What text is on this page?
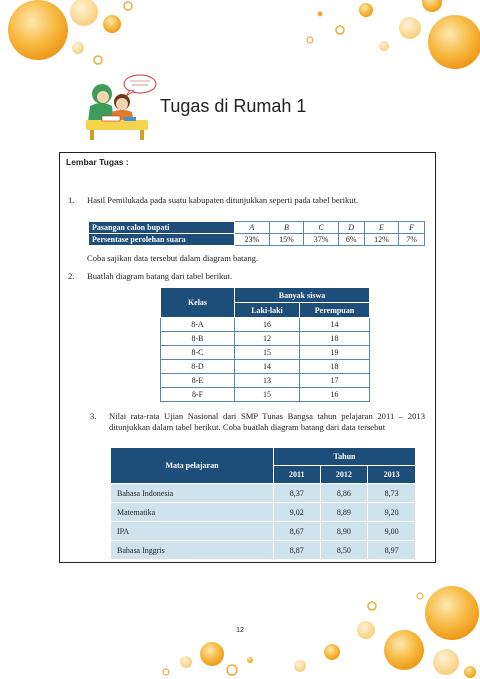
Tugas di Rumah 1
Lembar Tugas :
1. Hasil Pemilukada pada suatu kabupaten ditunjukkan seperti pada tabel berikut.
Pasangan calon bupati	A	B	C	D	E	F
Persentase perolehan suara	23%	15%	37%	6%	12%	7%
Coba sajikan data tersebut dalam diagram batang.
2. Buatlah diagram batang dari tabel berikut.
Kelas	Banyak siswa	
	Laki-laki	Perempuan
8-A	16	14
8-B	12	18
8-C	15	19
8-D	14	18
8-E	13	17
8-F	15	16
3. Nilai rata-rata Ujian Nasional dari SMP Tunas Bangsa tahun pelajaran 2011 – 2013 ditunjukkan dalam tabel berikut. Coba buatlah diagram batang dari data tersebut
Mata pelajaran	Tahun		
	2011	2012	2013
Bahasa Indonesia	8,37	8,86	8,73
Matematika	9,02	8,89	9,20
IPA	8,67	8,90	9,00
Bahasa Inggris	8,87	8,50	8,97
12
